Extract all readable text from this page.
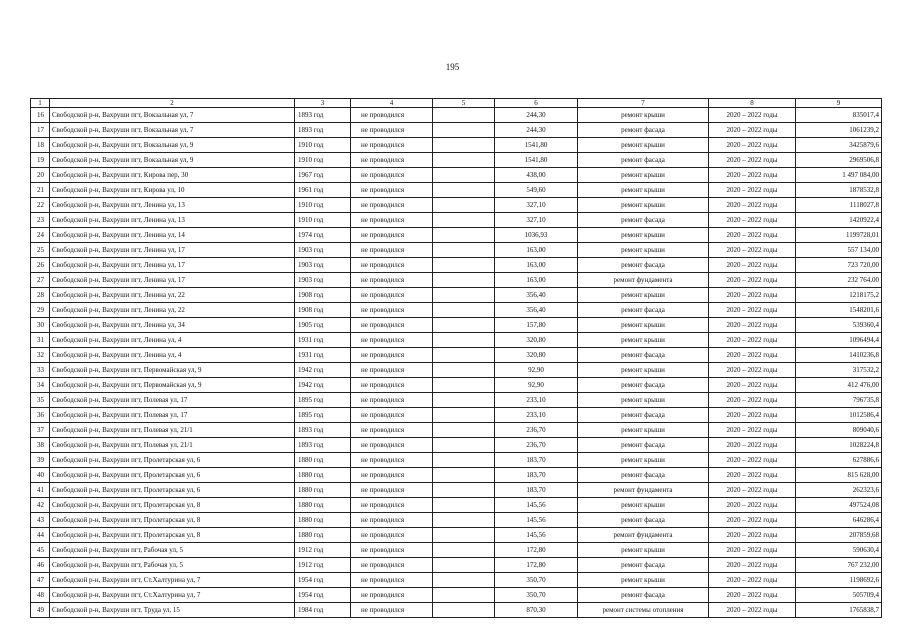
195
1	2	3	4	5	6	7	8	9
16	Свободской р-н, Вахруши пгт, Вокзальная ул, 7	1893 год	не проводился		244,30	ремонт крыши	2020 – 2022 годы	835017,4
17	Свободской р-н, Вахруши пгт, Вокзальная ул, 7	1893 год	не проводился		244,30	ремонт фасада	2020 – 2022 годы	1061239,2
18	Свободской р-н, Вахруши пгт, Вокзальная ул, 9	1910 год	не проводился		1541,80	ремонт крыши	2020 – 2022 годы	3425879,6
19	Свободской р-н, Вахруши пгт, Вокзальная ул, 9	1910 год	не проводился		1541,80	ремонт фасада	2020 – 2022 годы	2969506,8
20	Свободской р-н, Вахруши пгт, Кирова пер, 30	1967 год	не проводился		438,00	ремонт крыши	2020 – 2022 годы	1 497 084,00
21	Свободской р-н, Вахруши пгт, Кирова ул, 10	1961 год	не проводился		549,60	ремонт крыши	2020 – 2022 годы	1878532,8
22	Свободской р-н, Вахруши пгт, Ленина ул, 13	1910 год	не проводился		327,10	ремонт крыши	2020 – 2022 годы	1118027,8
23	Свободской р-н, Вахруши пгт, Ленина ул, 13	1910 год	не проводился		327,10	ремонт фасада	2020 – 2022 годы	1420922,4
24	Свободской р-н, Вахруши пгт, Ленина ул, 14	1974 год	не проводился		1036,93	ремонт крыши	2020 – 2022 годы	1199728,01
25	Свободской р-н, Вахруши пгт, Ленина ул, 17	1903 год	не проводился		163,00	ремонт крыши	2020 – 2022 годы	557 134,00
26	Свободской р-н, Вахруши пгт, Ленина ул, 17	1903 год	не проводился		163,00	ремонт фасада	2020 – 2022 годы	723 720,00
27	Свободской р-н, Вахруши пгт, Ленина ул, 17	1903 год	не проводился		163,00	ремонт фундамента	2020 – 2022 годы	232 764,00
28	Свободской р-н, Вахруши пгт, Ленина ул, 22	1908 год	не проводился		356,40	ремонт крыши	2020 – 2022 годы	1218175,2
29	Свободской р-н, Вахруши пгт, Ленина ул, 22	1908 год	не проводился		356,40	ремонт фасада	2020 – 2022 годы	1548201,6
30	Свободской р-н, Вахруши пгт, Ленина ул, 34	1905 год	не проводился		157,80	ремонт крыши	2020 – 2022 годы	539360,4
31	Свободской р-н, Вахруши пгт, Ленина ул, 4	1931 год	не проводился		320,80	ремонт крыши	2020 – 2022 годы	1096494,4
32	Свободской р-н, Вахруши пгт, Ленина ул, 4	1931 год	не проводился		320,80	ремонт фасада	2020 – 2022 годы	1410236,8
33	Свободской р-н, Вахруши пгт, Первомайская ул, 9	1942 год	не проводился		92,90	ремонт крыши	2020 – 2022 годы	317532,2
34	Свободской р-н, Вахруши пгт, Первомайская ул, 9	1942 год	не проводился		92,90	ремонт фасада	2020 – 2022 годы	412 476,00
35	Свободской р-н, Вахруши пгт, Полевая ул, 17	1895 год	не проводился		233,10	ремонт крыши	2020 – 2022 годы	796735,8
36	Свободской р-н, Вахруши пгт, Полевая ул, 17	1895 год	не проводился		233,10	ремонт фасада	2020 – 2022 годы	1012586,4
37	Свободской р-н, Вахруши пгт, Полевая ул, 21/1	1893 год	не проводился		236,70	ремонт крыши	2020 – 2022 годы	809040,6
38	Свободской р-н, Вахруши пгт, Полевая ул, 21/1	1893 год	не проводился		236,70	ремонт фасада	2020 – 2022 годы	1028224,8
39	Свободской р-н, Вахруши пгт, Пролетарская ул, 6	1880 год	не проводился		183,70	ремонт крыши	2020 – 2022 годы	627886,6
40	Свободской р-н, Вахруши пгт, Пролетарская ул, 6	1880 год	не проводился		183,70	ремонт фасада	2020 – 2022 годы	815 628,00
41	Свободской р-н, Вахруши пгт, Пролетарская ул, 6	1880 год	не проводился		183,70	ремонт фундамента	2020 – 2022 годы	262323,6
42	Свободской р-н, Вахруши пгт, Пролетарская ул, 8	1880 год	не проводился		145,56	ремонт крыши	2020 – 2022 годы	497524,08
43	Свободской р-н, Вахруши пгт, Пролетарская ул, 8	1880 год	не проводился		145,56	ремонт фасада	2020 – 2022 годы	646286,4
44	Свободской р-н, Вахруши пгт, Пролетарская ул, 8	1880 год	не проводился		145,56	ремонт фундамента	2020 – 2022 годы	207859,68
45	Свободской р-н, Вахруши пгт, Рабочая ул, 5	1912 год	не проводился		172,80	ремонт крыши	2020 – 2022 годы	590630,4
46	Свободской р-н, Вахруши пгт, Рабочая ул, 5	1912 год	не проводился		172,80	ремонт фасада	2020 – 2022 годы	767 232,00
47	Свободской р-н, Вахруши пгт, Ст.Халтурина ул, 7	1954 год	не проводился		350,70	ремонт крыши	2020 – 2022 годы	1198692,6
48	Свободской р-н, Вахруши пгт, Ст.Халтурина ул, 7	1954 год	не проводился		350,70	ремонт фасада	2020 – 2022 годы	505709,4
49	Свободской р-н, Вахруши пгт, Труда ул, 15	1984 год	не проводился		870,30	ремонт системы отопления	2020 – 2022 годы	1765838,7
